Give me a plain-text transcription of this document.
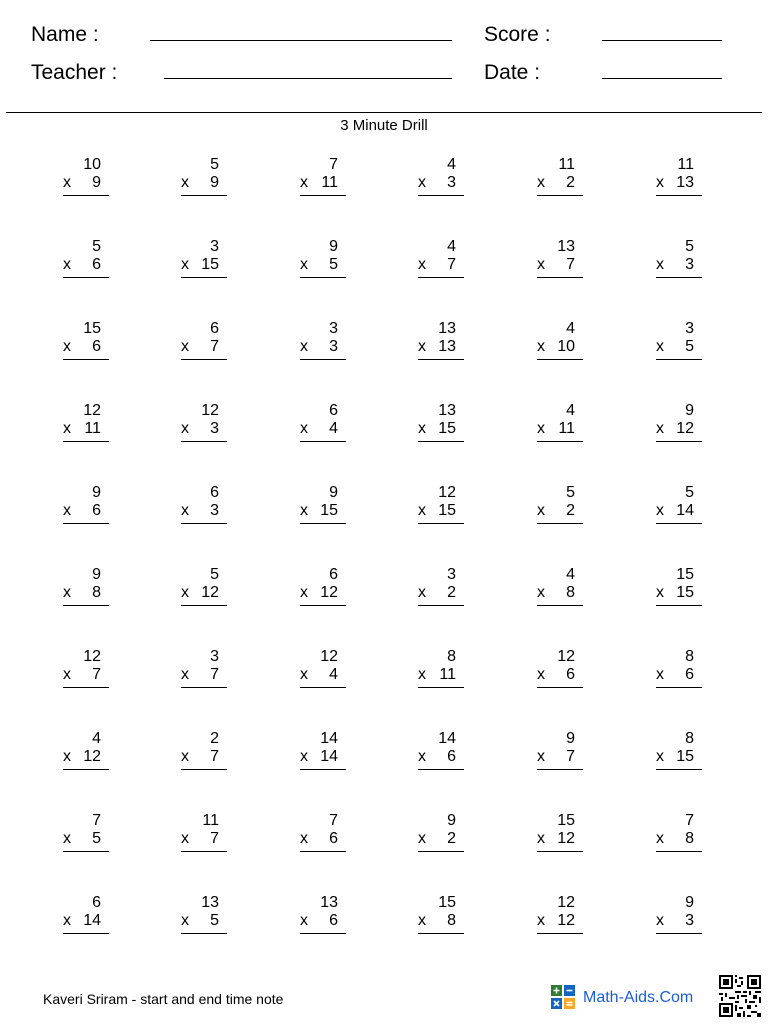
Name :
Teacher :
Score :
Date :
3 Minute Drill
10
x 9
5
x 9
7
x 11
4
x 3
11
x 2
11
x 13
5
x 6
3
x 15
9
x 5
4
x 7
13
x 7
5
x 3
15
x 6
6
x 7
3
x 3
13
x 13
4
x 10
3
x 5
12
x 11
12
x 3
6
x 4
13
x 15
4
x 11
9
x 12
9
x 6
6
x 3
9
x 15
12
x 15
5
x 2
5
x 14
9
x 8
5
x 12
6
x 12
3
x 2
4
x 8
15
x 15
12
x 7
3
x 7
12
x 4
8
x 11
12
x 6
8
x 6
4
x 12
2
x 7
14
x 14
14
x 6
9
x 7
8
x 15
7
x 5
11
x 7
7
x 6
9
x 2
15
x 12
7
x 8
6
x 14
13
x 5
13
x 6
15
x 8
12
x 12
9
x 3
Kaveri Sriram - start and end time note	Math-Aids.Com
